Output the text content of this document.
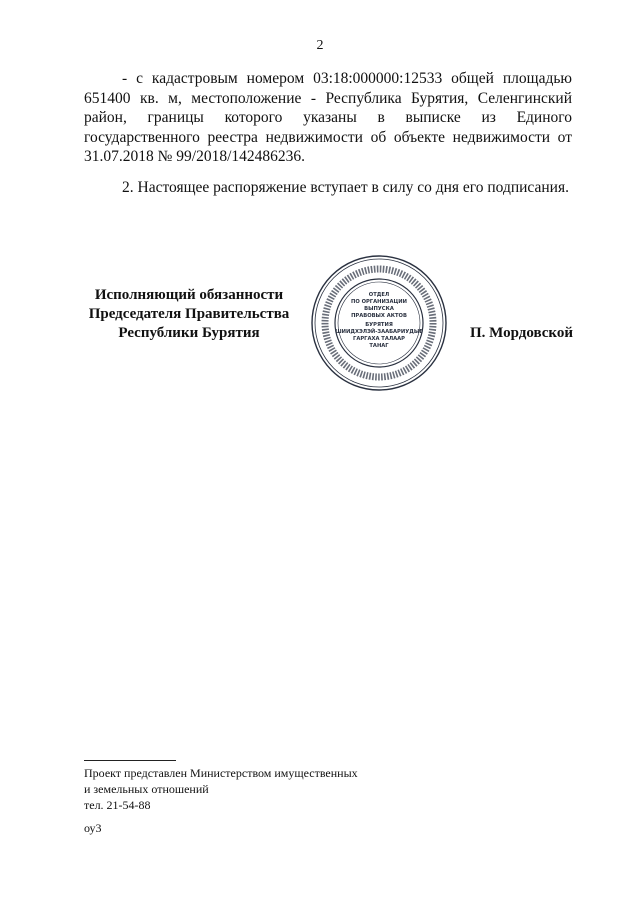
2
- с кадастровым номером 03:18:000000:12533 общей площадью 651400 кв. м, местоположение - Республика Бурятия, Селенгинский район, границы которого указаны в выписке из Единого государственного реестра недвижимости об объекте недвижимости от 31.07.2018 № 99/2018/142486236.
2. Настоящее распоряжение вступает в силу со дня его подписания.
Исполняющий обязанности
Председателя Правительства
Республики Бурятия
ОТДЕЛ
ПО ОРГАНИЗАЦИИ
ВЫПУСКА
ПРАВОВЫХ АКТОВ
БУРЯТИЯ
ШИИДХЭЛЭЙ-ЗААБАРИУДЫЕ
ГАРГАХА ТАЛААР
ТАНАГ
П. Мордовской
Проект представлен Министерством имущественных
и земельных отношений
тел. 21-54-88
оу3
